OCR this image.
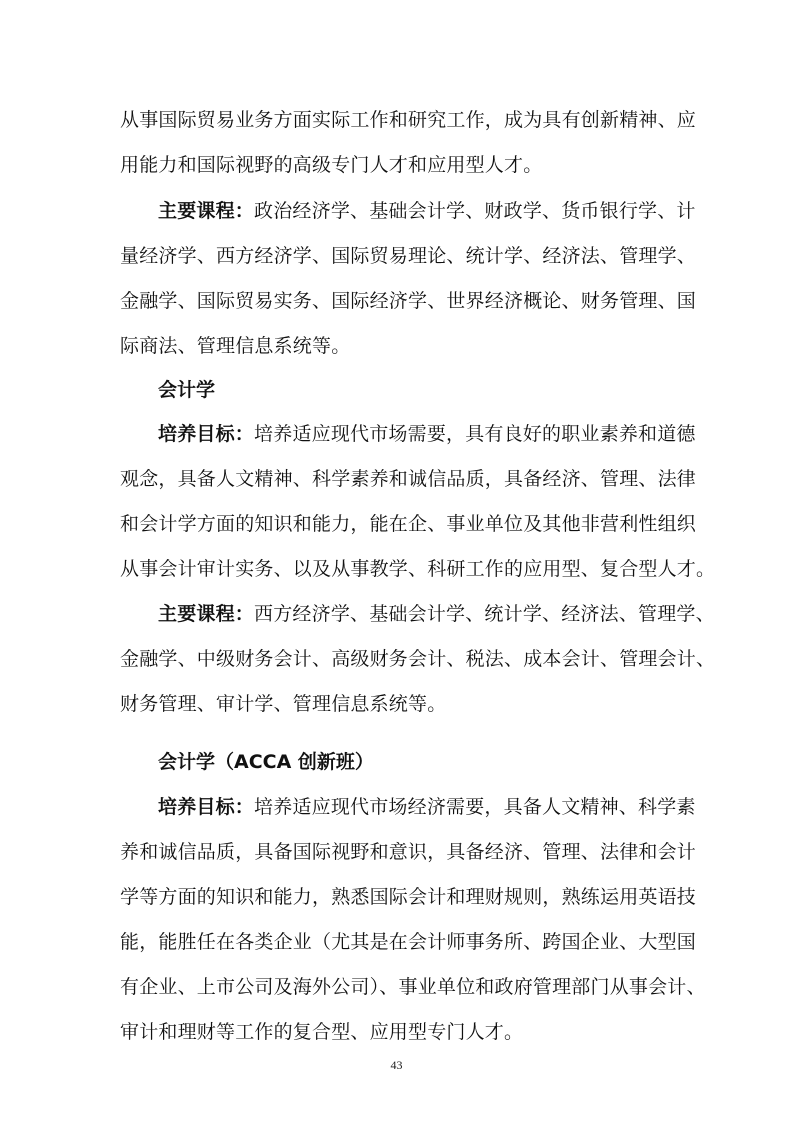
从事国际贸易业务方面实际工作和研究工作，成为具有创新精神、应
用能力和国际视野的高级专门人才和应用型人才。
主要课程：政治经济学、基础会计学、财政学、货币银行学、计
量经济学、西方经济学、国际贸易理论、统计学、经济法、管理学、
金融学、国际贸易实务、国际经济学、世界经济概论、财务管理、国
际商法、管理信息系统等。
会计学
培养目标：培养适应现代市场需要，具有良好的职业素养和道德
观念，具备人文精神、科学素养和诚信品质，具备经济、管理、法律
和会计学方面的知识和能力，能在企、事业单位及其他非营利性组织
从事会计审计实务、以及从事教学、科研工作的应用型、复合型人才。
主要课程：西方经济学、基础会计学、统计学、经济法、管理学、
金融学、中级财务会计、高级财务会计、税法、成本会计、管理会计、
财务管理、审计学、管理信息系统等。
会计学（ACCA 创新班）
培养目标：培养适应现代市场经济需要，具备人文精神、科学素
养和诚信品质，具备国际视野和意识，具备经济、管理、法律和会计
学等方面的知识和能力，熟悉国际会计和理财规则，熟练运用英语技
能，能胜任在各类企业（尤其是在会计师事务所、跨国企业、大型国
有企业、上市公司及海外公司）、事业单位和政府管理部门从事会计、
审计和理财等工作的复合型、应用型专门人才。
43
